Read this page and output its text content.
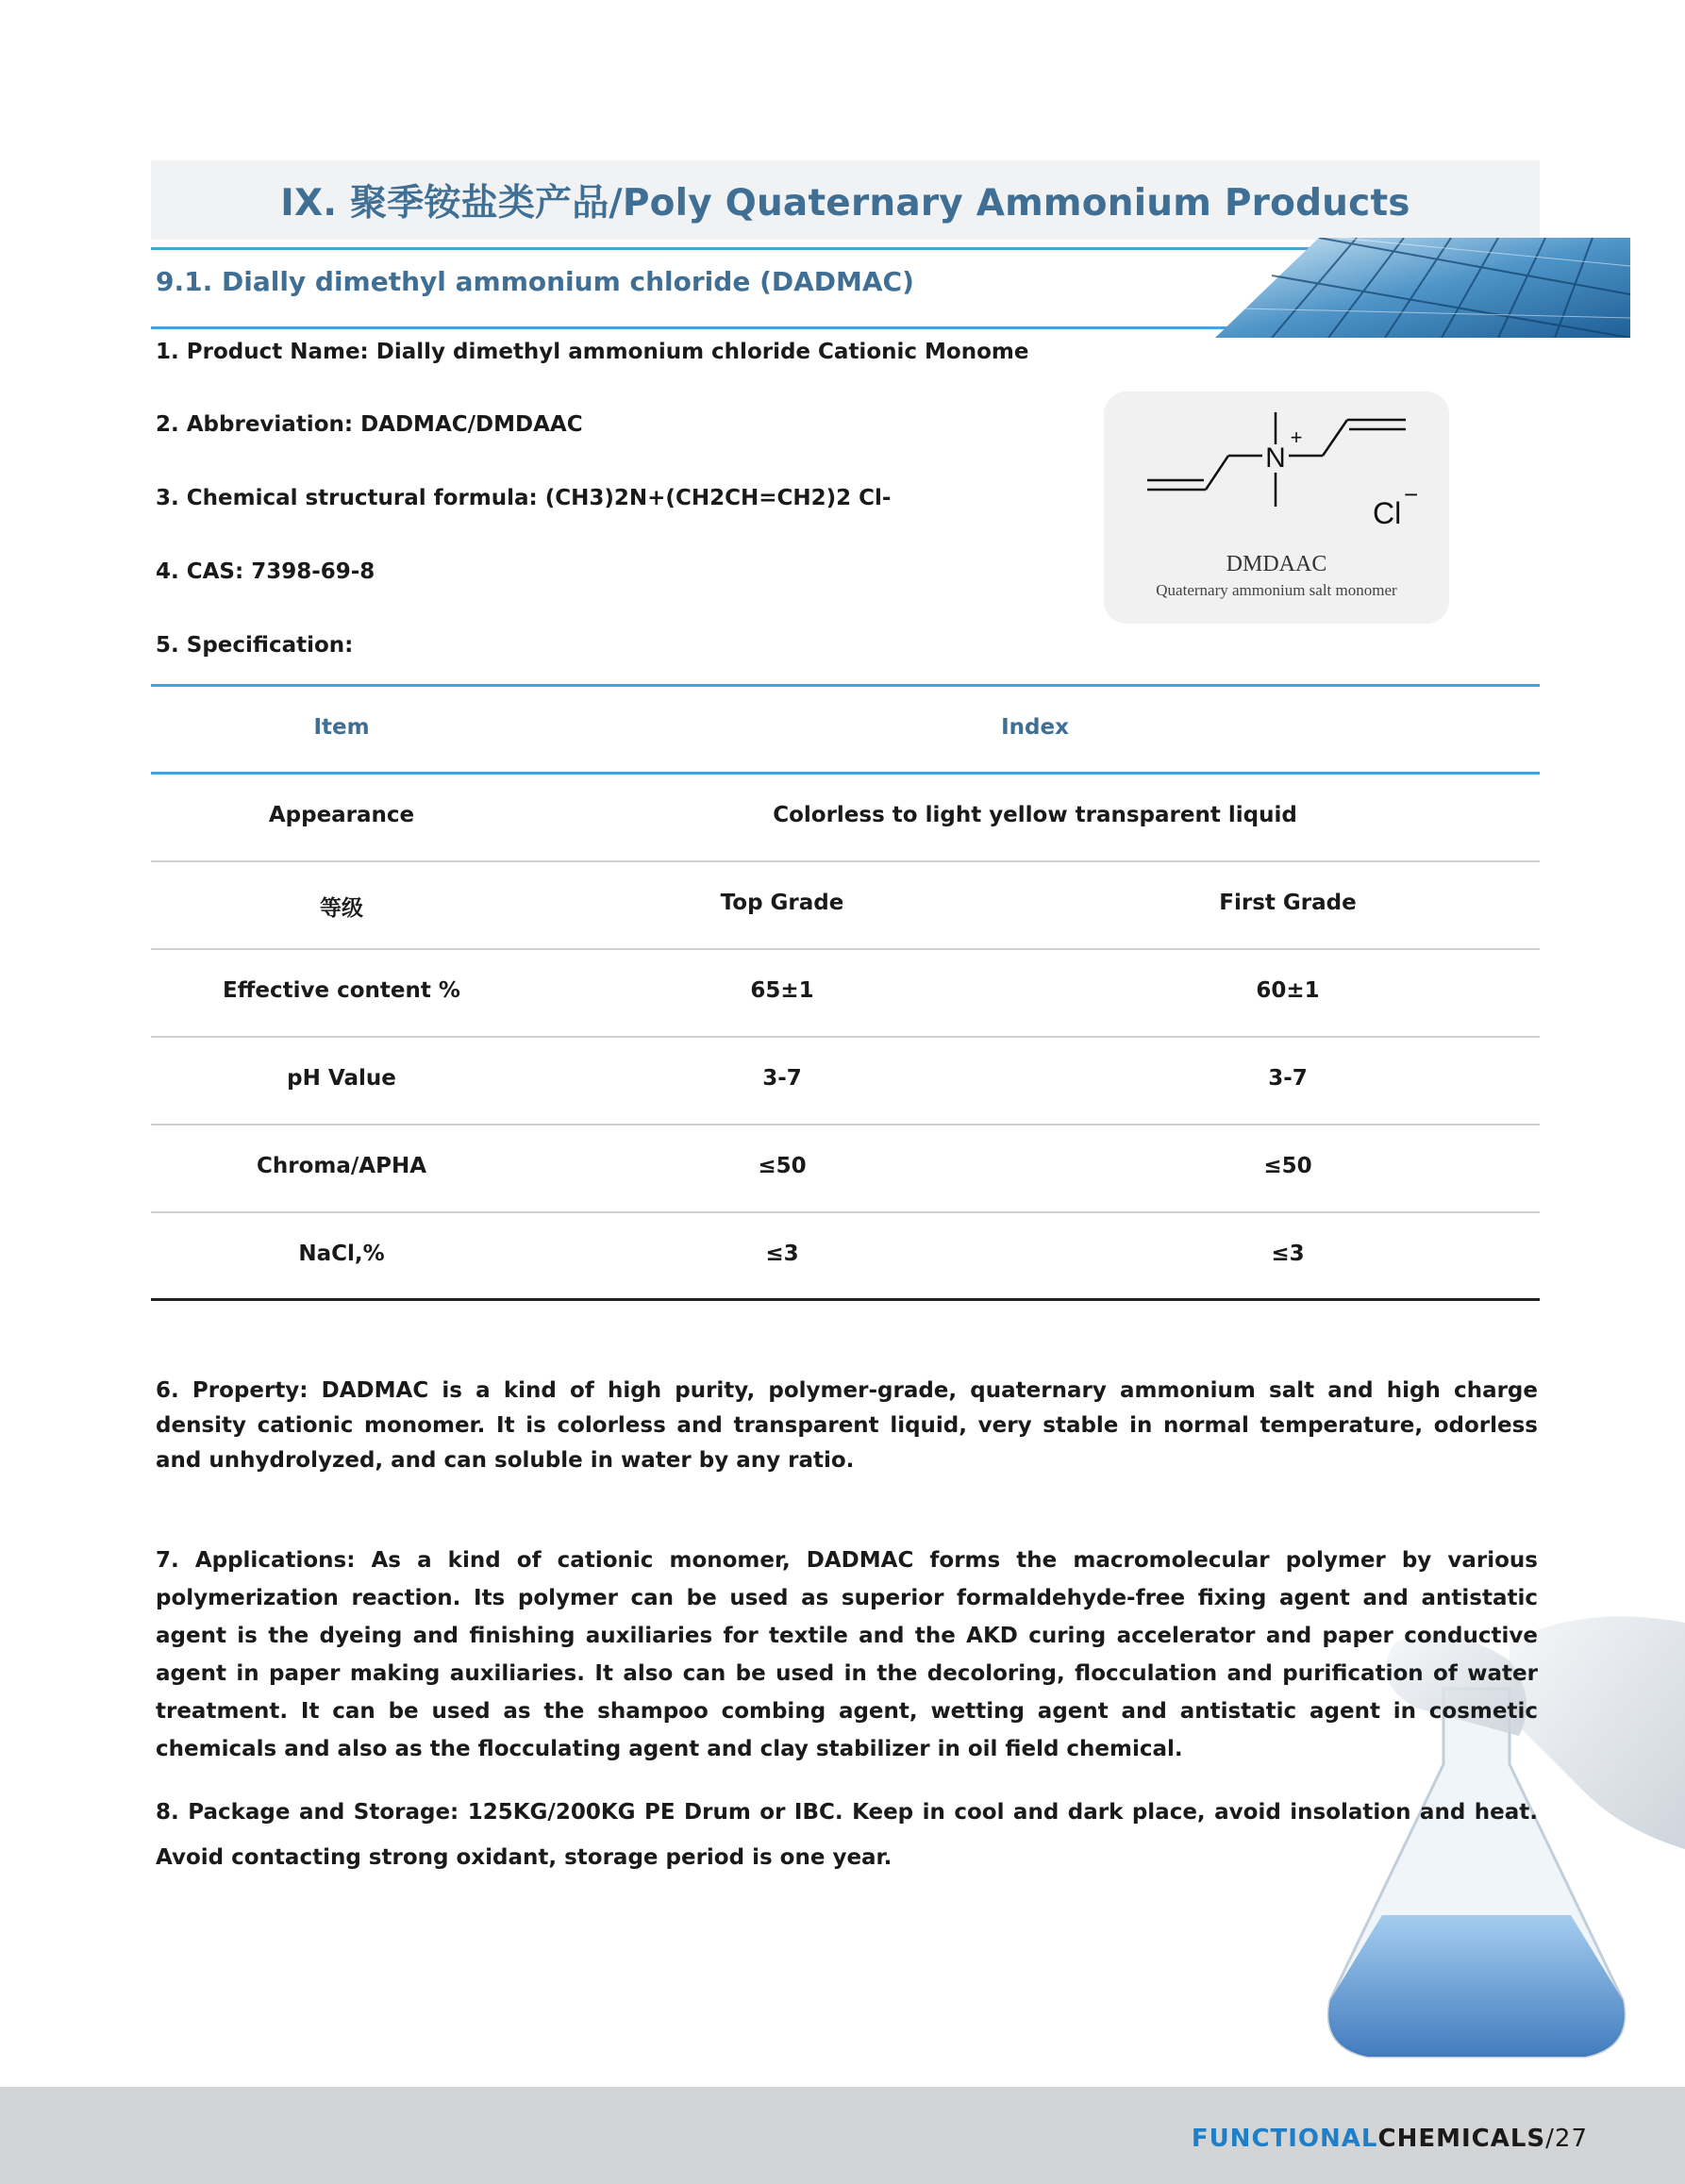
IX. 聚季铵盐类产品/Poly Quaternary Ammonium Products
9.1. Dially dimethyl ammonium chloride (DADMAC)
1. Product Name: Dially dimethyl ammonium chloride Cationic Monome
2. Abbreviation: DADMAC/DMDAAC
3. Chemical structural formula: (CH3)2N+(CH2CH=CH2)2 Cl-
4. CAS: 7398-69-8
5. Specification:
N
+
Cl
−
DMDAAC
Quaternary ammonium salt monomer
Item	Index
Appearance	Colorless to light yellow transparent liquid
等级	Top Grade	First Grade
Effective content %	65±1	60±1
pH Value	3-7	3-7
Chroma/APHA	≤50	≤50
NaCl,%	≤3	≤3
6. Property: DADMAC is a kind of high purity, polymer-grade, quaternary ammonium salt and high charge density cationic monomer. It is colorless and transparent liquid, very stable in normal temperature, odorless and unhydrolyzed, and can soluble in water by any ratio.
7. Applications: As a kind of cationic monomer, DADMAC forms the macromolecular polymer by various polymerization reaction. Its polymer can be used as superior formaldehyde-free fixing agent and antistatic agent is the dyeing and finishing auxiliaries for textile and the AKD curing accelerator and paper conductive agent in paper making auxiliaries. It also can be used in the decoloring, flocculation and purification of water treatment. It can be used as the shampoo combing agent, wetting agent and antistatic agent in cosmetic chemicals and also as the flocculating agent and clay stabilizer in oil field chemical.
8. Package and Storage: 125KG/200KG PE Drum or IBC. Keep in cool and dark place, avoid insolation and heat. Avoid contacting strong oxidant, storage period is one year.
FUNCTIONALCHEMICALS/27
